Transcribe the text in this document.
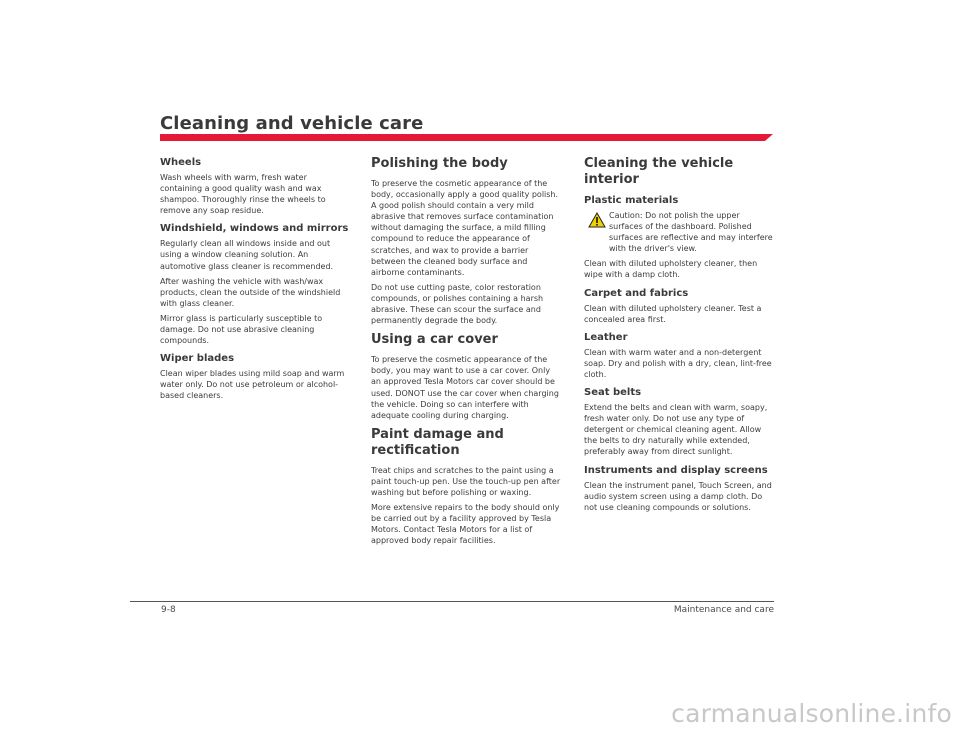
Cleaning and vehicle care
Wheels

Wash wheels with warm, fresh water containing a good quality wash and wax shampoo. Thoroughly rinse the wheels to remove any soap residue.

Windshield, windows and mirrors

Regularly clean all windows inside and out using a window cleaning solution. An automotive glass cleaner is recommended.

After washing the vehicle with wash/wax products, clean the outside of the windshield with glass cleaner.

Mirror glass is particularly susceptible to damage. Do not use abrasive cleaning compounds.

Wiper blades

Clean wiper blades using mild soap and warm water only. Do not use petroleum or alcohol-based cleaners.

Polishing the body

To preserve the cosmetic appearance of the body, occasionally apply a good quality polish. A good polish should contain a very mild abrasive that removes surface contamination without damaging the surface, a mild filling compound to reduce the appearance of scratches, and wax to provide a barrier between the cleaned body surface and airborne contaminants.

Do not use cutting paste, color restoration compounds, or polishes containing a harsh abrasive. These can scour the surface and permanently degrade the body.

Using a car cover

To preserve the cosmetic appearance of the body, you may want to use a car cover. Only an approved Tesla Motors car cover should be used. DONOT use the car cover when charging the vehicle. Doing so can interfere with adequate cooling during charging.

Paint damage and rectification

Treat chips and scratches to the paint using a paint touch-up pen. Use the touch-up pen after washing but before polishing or waxing.

More extensive repairs to the body should only be carried out by a facility approved by Tesla Motors. Contact Tesla Motors for a list of approved body repair facilities.

Cleaning the vehicle interior
Plastic materials

Caution: Do not polish the upper surfaces of the dashboard. Polished surfaces are reflective and may interfere with the driver's view.

Clean with diluted upholstery cleaner, then wipe with a damp cloth.

Carpet and fabrics

Clean with diluted upholstery cleaner. Test a concealed area first.

Leather

Clean with warm water and a non-detergent soap. Dry and polish with a dry, clean, lint-free cloth.

Seat belts

Extend the belts and clean with warm, soapy, fresh water only. Do not use any type of detergent or chemical cleaning agent. Allow the belts to dry naturally while extended, preferably away from direct sunlight.

Instruments and display screens

Clean the instrument panel, Touch Screen, and audio system screen using a damp cloth. Do not use cleaning compounds or solutions.

9-8	Maintenance and care
carmanualsonline.info
